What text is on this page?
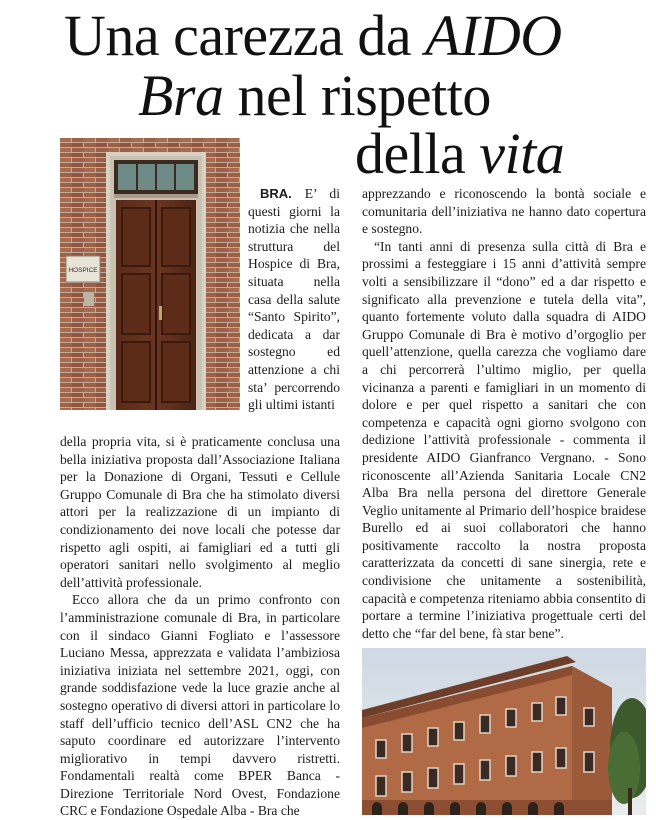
Una carezza da AIDO
Bra nel rispetto
della vita
HOSPICE

BRA. E’ di questi giorni la notizia che nella struttura del Hospice di Bra, situata nella casa della salute “Santo Spirito”, dedicata a dar sostegno ed attenzione a chi sta’ percorrendo gli ultimi istanti

della propria vita, si è praticamente conclusa una bella iniziativa proposta dall’Associazione Italiana per la Donazione di Organi, Tessuti e Cellule Gruppo Comunale di Bra che ha stimolato diversi attori per la realizzazione di un impianto di condizionamento dei nove locali che potesse dar rispetto agli ospiti, ai famigliari ed a tutti gli operatori sanitari nello svolgimento al meglio dell’attività professionale.

Ecco allora che da un primo confronto con l’amministrazione comunale di Bra, in particolare con il sindaco Gianni Fogliato e l’assessore Luciano Messa, apprezzata e validata l’ambiziosa iniziativa iniziata nel settembre 2021, oggi, con grande soddisfazione vede la luce grazie anche al sostegno operativo di diversi attori in particolare lo staff dell’ufficio tecnico dell’ASL CN2 che ha saputo coordinare ed autorizzare l’intervento migliorativo in tempi davvero ristretti. Fondamentali realtà come BPER Banca - Direzione Territoriale Nord Ovest, Fondazione CRC e Fondazione Ospedale Alba - Bra che

apprezzando e riconoscendo la bontà sociale e comunitaria dell’iniziativa ne hanno dato copertura e sostegno.

“In tanti anni di presenza sulla città di Bra e prossimi a festeggiare i 15 anni d’attività sempre volti a sensibilizzare il “dono” ed a dar rispetto e significato alla prevenzione e tutela della vita”, quanto fortemente voluto dalla squadra di AIDO Gruppo Comunale di Bra è motivo d’orgoglio per quell’attenzione, quella carezza che vogliamo dare a chi percorrerà l’ultimo miglio, per quella vicinanza a parenti e famigliari in un momento di dolore e per quel rispetto a sanitari che con competenza e capacità ogni giorno svolgono con dedizione l’attività professionale - commenta il presidente AIDO Gianfranco Vergnano. - Sono riconoscente all’Azienda Sanitaria Locale CN2 Alba Bra nella persona del direttore Generale Veglio unitamente al Primario dell’hospice braidese Burello ed ai suoi collaboratori che hanno positivamente raccolto la nostra proposta caratterizzata da concetti di sane sinergia, rete e condivisione che unitamente a sostenibilità, capacità e competenza riteniamo abbia consentito di portare a termine l’iniziativa progettuale certi del detto che “far del bene, fà star bene”.
